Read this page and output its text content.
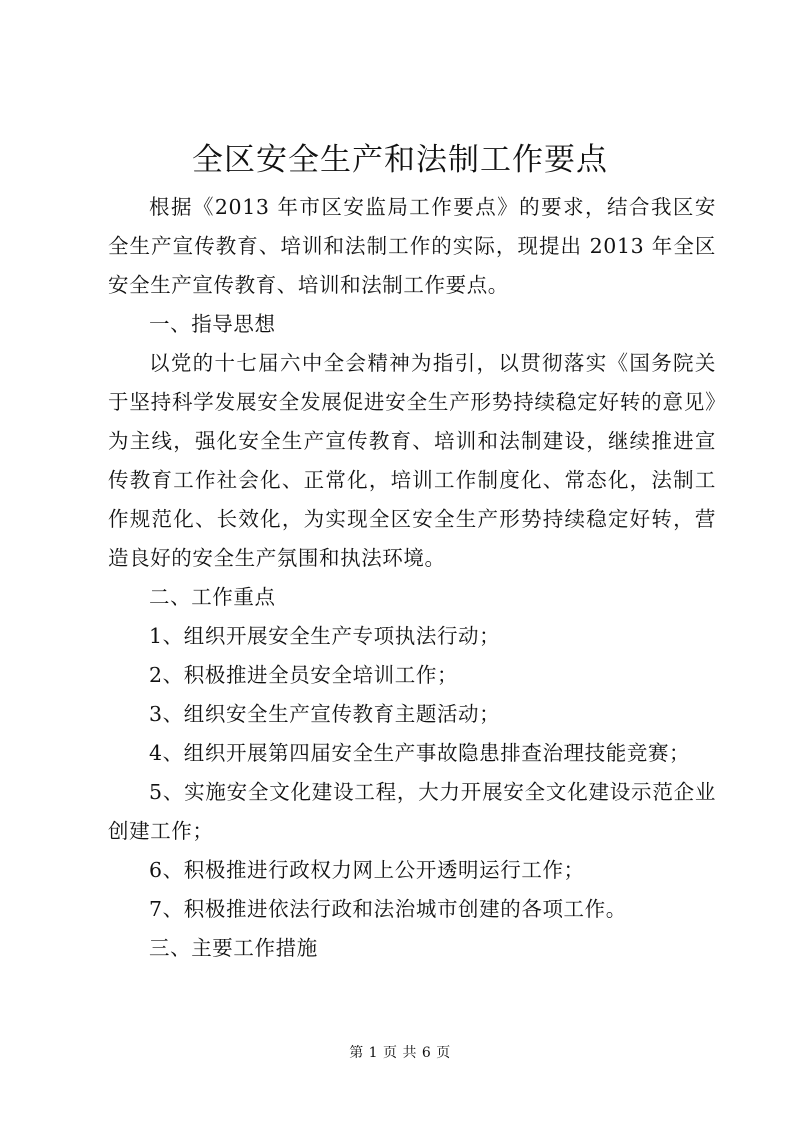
全区安全生产和法制工作要点

根据《2013 年市区安监局工作要点》的要求，结合我区安全生产宣传教育、培训和法制工作的实际，现提出 2013 年全区安全生产宣传教育、培训和法制工作要点。

一、指导思想

以党的十七届六中全会精神为指引，以贯彻落实《国务院关于坚持科学发展安全发展促进安全生产形势持续稳定好转的意见》为主线，强化安全生产宣传教育、培训和法制建设，继续推进宣传教育工作社会化、正常化，培训工作制度化、常态化，法制工作规范化、长效化，为实现全区安全生产形势持续稳定好转，营造良好的安全生产氛围和执法环境。

二、工作重点

1、组织开展安全生产专项执法行动；

2、积极推进全员安全培训工作；

3、组织安全生产宣传教育主题活动；

4、组织开展第四届安全生产事故隐患排查治理技能竞赛；

5、实施安全文化建设工程，大力开展安全文化建设示范企业创建工作；

6、积极推进行政权力网上公开透明运行工作；

7、积极推进依法行政和法治城市创建的各项工作。

三、主要工作措施

第 1 页 共 6 页
